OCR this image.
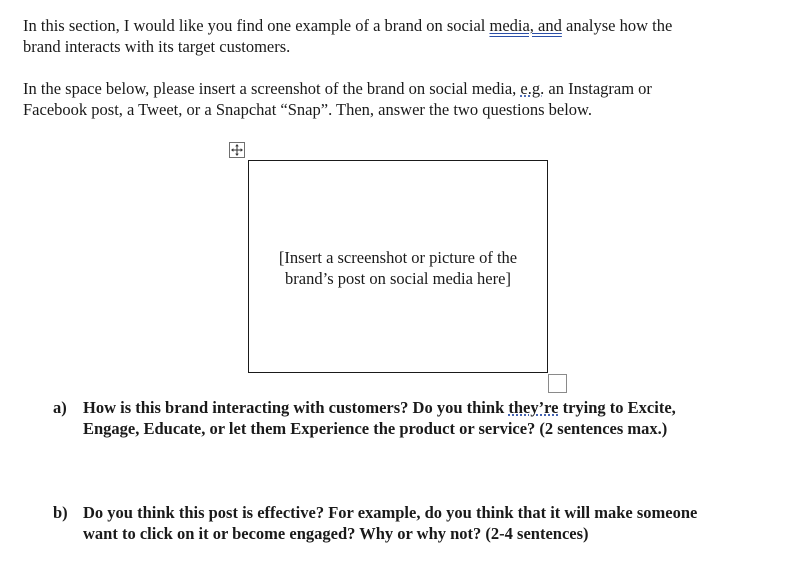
In this section, I would like you find one example of a brand on social media, and analyse how the
brand interacts with its target customers.

In the space below, please insert a screenshot of the brand on social media, e.g. an Instagram or
Facebook post, a Tweet, or a Snapchat “Snap”. Then, answer the two questions below.

[Insert a screenshot or picture of the
brand’s post on social media here]
a) How is this brand interacting with customers? Do you think they’re trying to Excite,
Engage, Educate, or let them Experience the product or service? (2 sentences max.)
b) Do you think this post is effective? For example, do you think that it will make someone
want to click on it or become engaged? Why or why not? (2-4 sentences)
